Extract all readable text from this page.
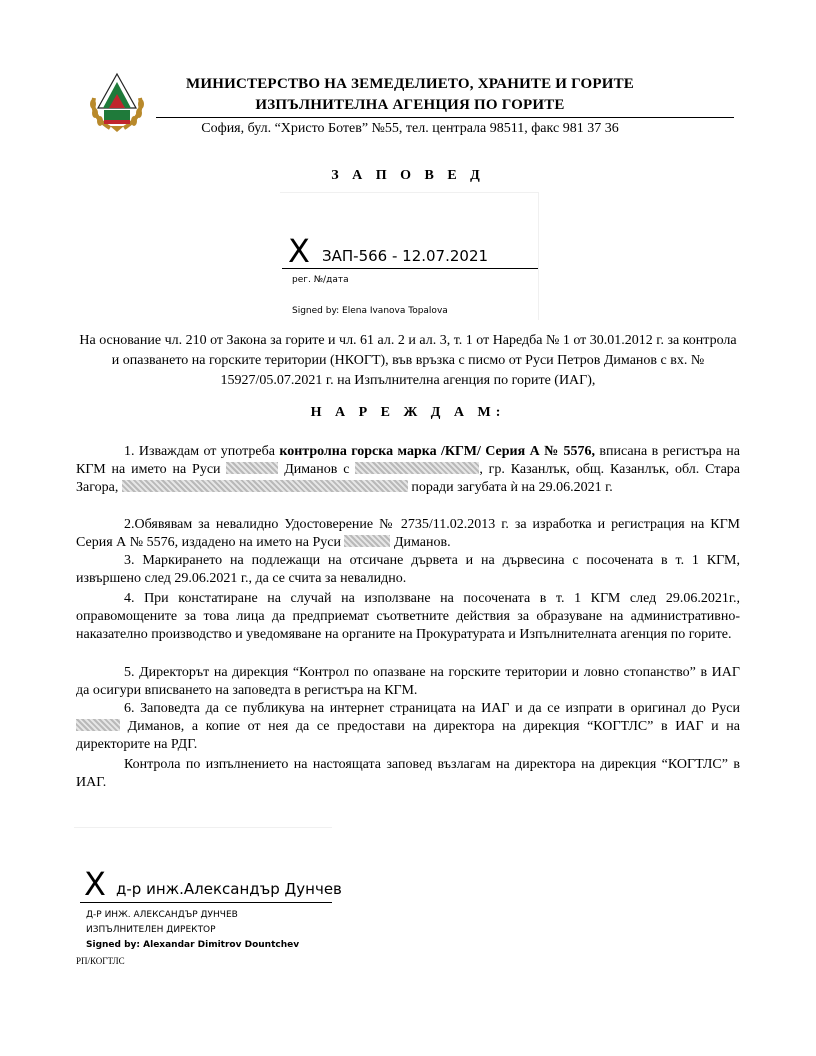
МИНИСТЕРСТВО НА ЗЕМЕДЕЛИЕТО, ХРАНИТЕ И ГОРИТЕ
ИЗПЪЛНИТЕЛНА АГЕНЦИЯ ПО ГОРИТЕ
София, бул. “Христо Ботев” №55, тел. централа 98511, факс 981 37 36
З А П О В Е Д
X ЗАП-566 - 12.07.2021
рег. №/дата
Signed by: Elena Ivanova Topalova
На основание чл. 210 от Закона за горите и чл. 61 ал. 2 и ал. 3, т. 1 от Наредба № 1 от 30.01.2012 г. за контрола и опазването на горските територии (НКОГТ), във връзка с писмо от Руси Петров Диманов с вх. № 15927/05.07.2021 г. на Изпълнителна агенция по горите (ИАГ),
Н А Р Е Ж Д А М:
1. Изваждам от употреба контролна горска марка /КГМ/ Серия А № 5576, вписана в регистъра на КГМ на името на Руси	Диманов с	, гр. Казанлък, общ. Казанлък, обл. Стара Загора,	поради загубата ѝ на 29.06.2021 г.
2.Обявявам за невалидно Удостоверение № 2735/11.02.2013 г. за изработка и регистрация на КГМ Серия А № 5576, издадено на името на Руси	Диманов.
3. Маркирането на подлежащи на отсичане дървета и на дървесина с посочената в т. 1 КГМ, извършено след 29.06.2021 г., да се счита за невалидно.
4. При констатиране на случай на използване на посочената в т. 1 КГМ след 29.06.2021г., оправомощените за това лица да предприемат съответните действия за образуване на административно-наказателно производство и уведомяване на органите на Прокуратурата и Изпълнителната агенция по горите.
5. Директорът на дирекция “Контрол по опазване на горските територии и ловно стопанство” в ИАГ да осигури вписването на заповедта в регистъра на КГМ.
6. Заповедта да се публикува на интернет страницата на ИАГ и да се изпрати в оригинал до Руси  Диманов, а копие от нея да се предостави на директора на дирекция “КОГТЛС” в ИАГ и на директорите на РДГ.
Контрола по изпълнението на настоящата заповед възлагам на директора на дирекция “КОГТЛС” в ИАГ.
X д-р инж.Александър Дунчев
Д-Р ИНЖ. АЛЕКСАНДЪР ДУНЧЕВ
ИЗПЪЛНИТЕЛЕН ДИРЕКТОР
Signed by: Alexandar Dimitrov Dountchev
РП/КОГТЛС
